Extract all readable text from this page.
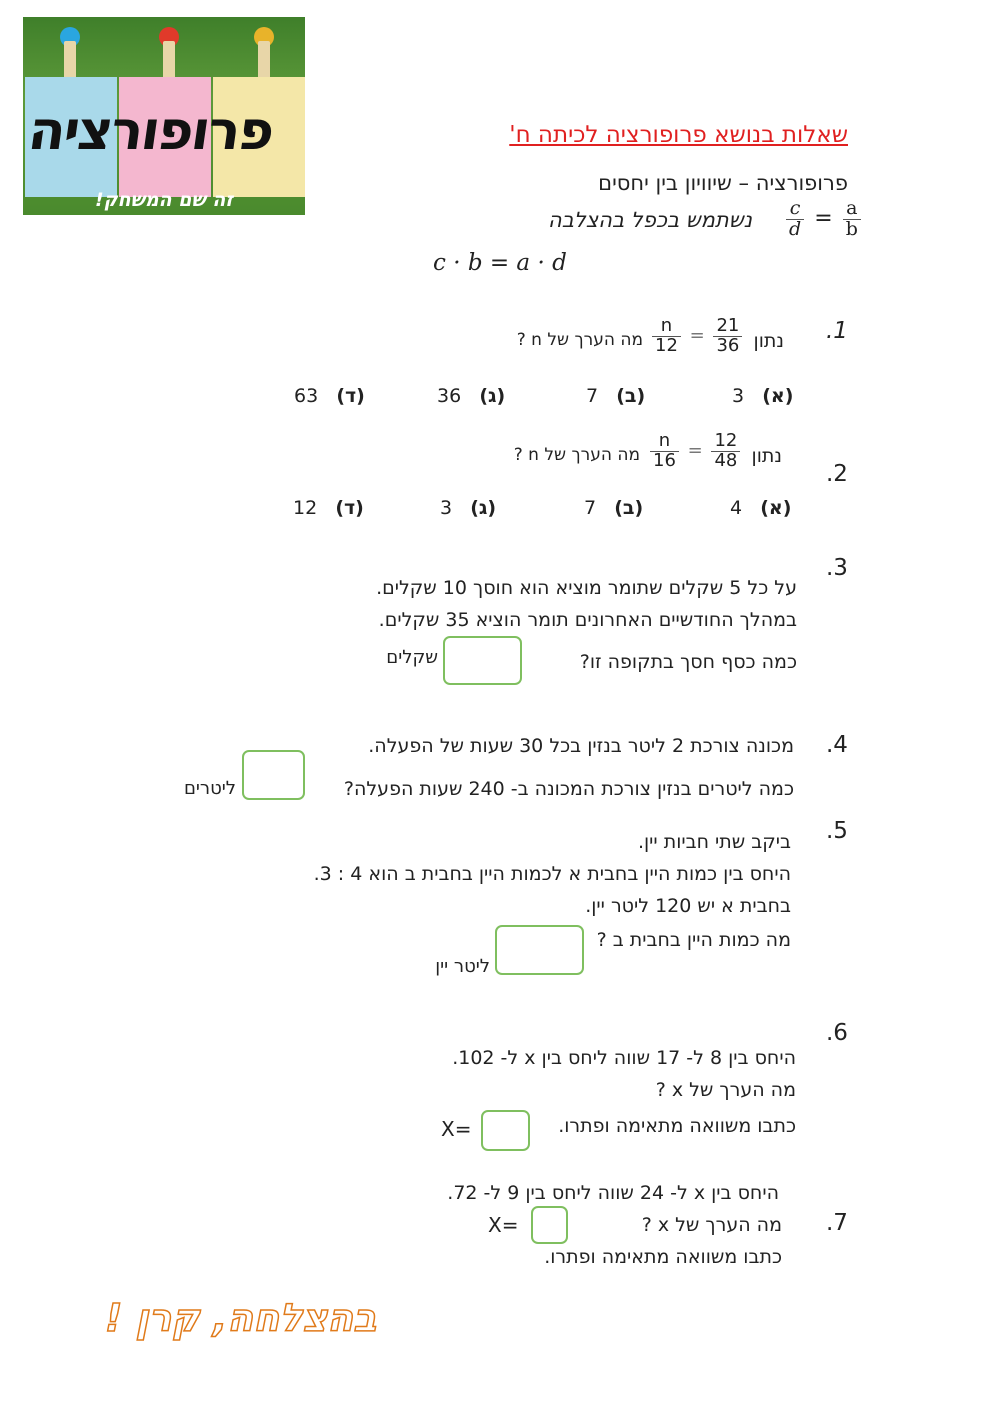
פרופורציה
זה שם המשחק!
שאלות בנושא פרופורציה לכיתה ח'
פרופורציה – שיוויון בין יחסים
$\frac{c}{d} = \frac{a}{b}$
נשתמש בכפל בהצלבה
c · b = a · d
.1
נתון
$\frac{n}{12} = \frac{21}{36}$
מה הערך של n ?
(א)   3
(ב)   7
(ג)   36
(ד)   63
.2
נתון
$\frac{n}{16} = \frac{12}{48}$
מה הערך של n ?
(א)   4
(ב)   7
(ג)   3
(ד)   12
.3
על כל 5 שקלים שתומר מוציא הוא חוסך 10 שקלים.
במהלך החודשיים האחרונים תומר הוציא 35 שקלים.
כמה כסף חסך בתקופה זו?
שקלים
.4
מכונה צורכת 2 ליטר בנזין בכל 30 שעות של הפעלה.
כמה ליטרים בנזין צורכת המכונה ב- 240 שעות הפעלה?
ליטרים
.5
ביקב שתי חביות יין.
היחס בין כמות היין בחבית א לכמות היין בחבית ב הוא 4 : 3.
בחבית א יש 120 ליטר יין.
מה כמות היין בחבית ב ?
ליטר יין
.6
היחס בין 8 ל- 17 שווה ליחס בין x ל- 102.
מה הערך של x ?
כתבו משוואה מתאימה ופתרו.
X=
היחס בין x ל- 24 שווה ליחס בין 9 ל- 72.
.7
מה הערך של x ?
X=
כתבו משוואה מתאימה ופתרו.
בהצלחה, קרן !
